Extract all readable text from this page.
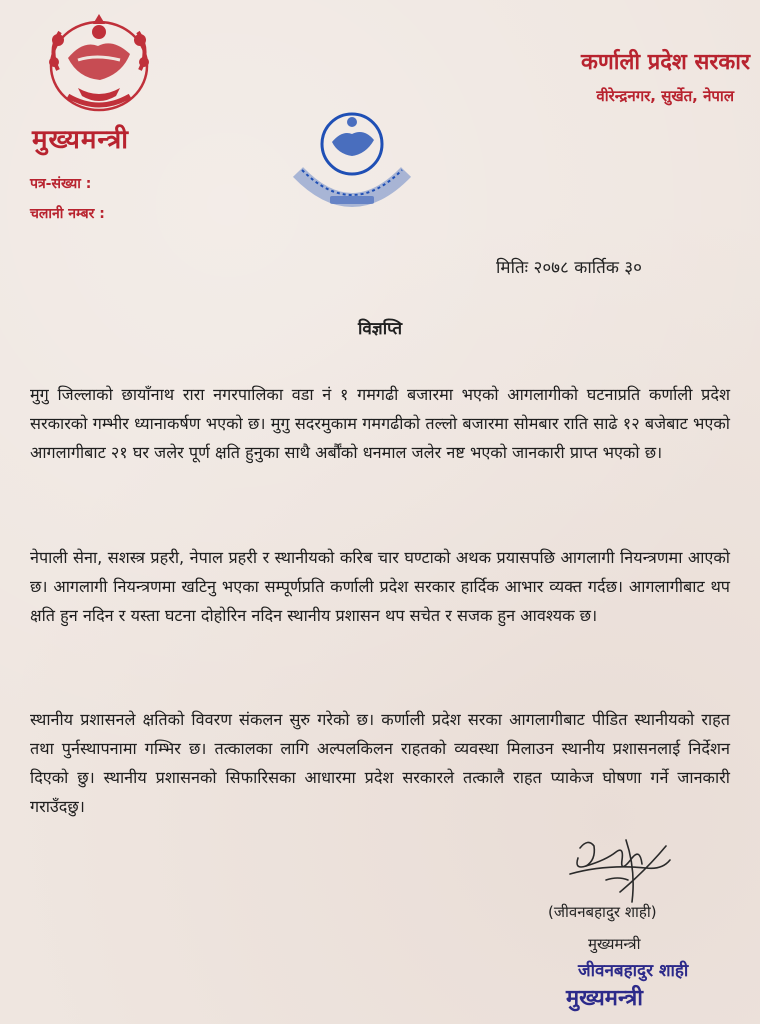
मुख्यमन्त्री
पत्र-संख्या :
चलानी नम्बर :
कर्णाली प्रदेश सरकार
वीरेन्द्रनगर, सुर्खेत, नेपाल
मितिः २०७८ कार्तिक ३०
विज्ञप्ति

मुगु जिल्लाको छायाँनाथ रारा नगरपालिका वडा नं १ गमगढी बजारमा भएको आगलागीको घटनाप्रति कर्णाली प्रदेश सरकारको गम्भीर ध्यानाकर्षण भएको छ। मुगु सदरमुकाम गमगढीको तल्लो बजारमा सोमबार राति साढे १२ बजेबाट भएको आगलागीबाट २१ घर जलेर पूर्ण क्षति हुनुका साथै अर्बौंको धनमाल जलेर नष्ट भएको जानकारी प्राप्त भएको छ।

नेपाली सेना, सशस्त्र प्रहरी, नेपाल प्रहरी र स्थानीयको करिब चार घण्टाको अथक प्रयासपछि आगलागी नियन्त्रणमा आएको छ। आगलागी नियन्त्रणमा खटिनु भएका सम्पूर्णप्रति कर्णाली प्रदेश सरकार हार्दिक आभार व्यक्त गर्दछ। आगलागीबाट थप क्षति हुन नदिन र यस्ता घटना दोहोरिन नदिन स्थानीय प्रशासन थप सचेत र सजक हुन आवश्यक छ।

स्थानीय प्रशासनले क्षतिको विवरण संकलन सुरु गरेको छ। कर्णाली प्रदेश सरका आगलागीबाट पीडित स्थानीयको राहत तथा पुर्नस्थापनामा गम्भिर छ। तत्कालका लागि अल्पलकिलन राहतको व्यवस्था मिलाउन स्थानीय प्रशासनलाई निर्देशन दिएको छु। स्थानीय प्रशासनको सिफारिसका आधारमा प्रदेश सरकारले तत्कालै राहत प्याकेज घोषणा गर्ने जानकारी गराउँदछु।

(जीवनबहादुर शाही)
मुख्यमन्त्री
जीवनबहादुर शाही
मुख्यमन्त्री
